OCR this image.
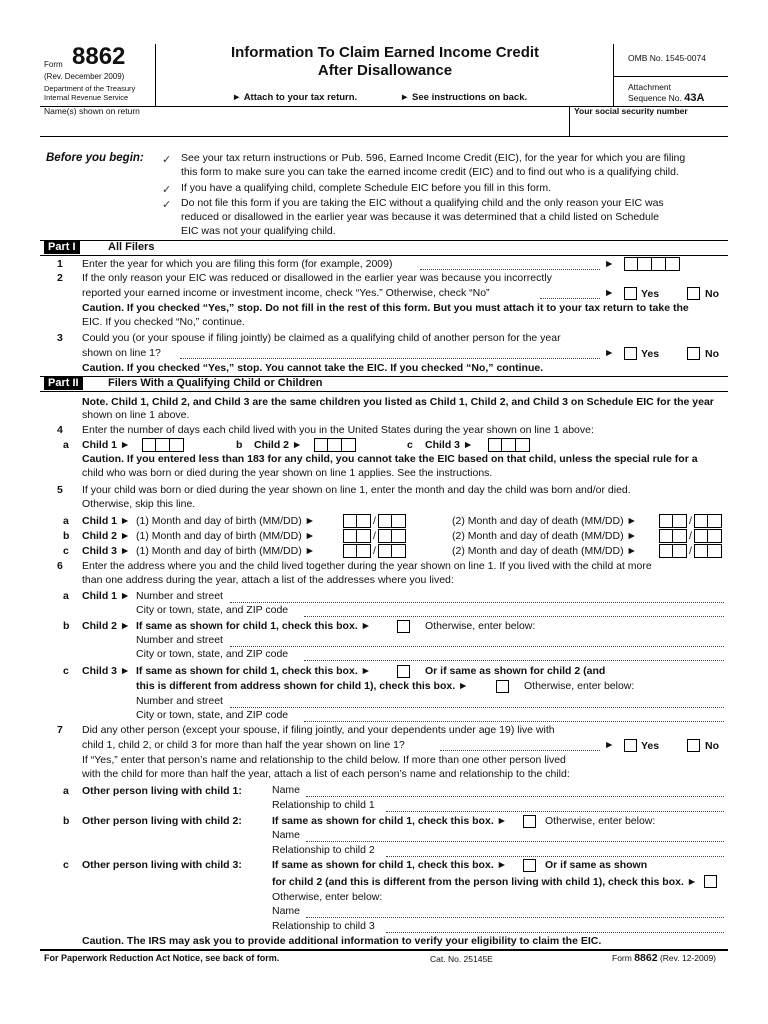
Form 8862
(Rev. December 2009)
Department of the Treasury
Internal Revenue Service
Information To Claim Earned Income Credit
After Disallowance
► Attach to your tax return.	► See instructions on back.
OMB No. 1545-0074
Attachment
Sequence No. 43A
Name(s) shown on return	Your social security number
Before you begin: ✓ See your tax return instructions or Pub. 596, Earned Income Credit (EIC), for the year for which you are filing
this form to make sure you can take the earned income credit (EIC) and to find out who is a qualifying child.
✓ If you have a qualifying child, complete Schedule EIC before you fill in this form.
✓ Do not file this form if you are taking the EIC without a qualifying child and the only reason your EIC was
reduced or disallowed in the earlier year was because it was determined that a child listed on Schedule
EIC was not your qualifying child.
Part I	All Filers
1 Enter the year for which you are filing this form (for example, 2009)	►
2 If the only reason your EIC was reduced or disallowed in the earlier year was because you incorrectly
reported your earned income or investment income, check “Yes.” Otherwise, check “No”	►	Yes	No
Caution. If you checked “Yes,” stop. Do not fill in the rest of this form. But you must attach it to your tax return to take the
EIC. If you checked “No,” continue.
3 Could you (or your spouse if filing jointly) be claimed as a qualifying child of another person for the year
shown on line 1?	►	Yes	No
Caution. If you checked “Yes,” stop. You cannot take the EIC. If you checked “No,” continue.
Part II	Filers With a Qualifying Child or Children
Note. Child 1, Child 2, and Child 3 are the same children you listed as Child 1, Child 2, and Child 3 on Schedule EIC for the year
shown on line 1 above.
4 Enter the number of days each child lived with you in the United States during the year shown on line 1 above:
a Child 1 ►	b Child 2 ►	c Child 3 ►
Caution. If you entered less than 183 for any child, you cannot take the EIC based on that child, unless the special rule for a
child who was born or died during the year shown on line 1 applies. See the instructions.
5 If your child was born or died during the year shown on line 1, enter the month and day the child was born and/or died.
Otherwise, skip this line.
a Child 1 ► (1) Month and day of birth (MM/DD) ►	/	(2) Month and day of death (MM/DD) ►	/
b Child 2 ► (1) Month and day of birth (MM/DD) ►	/	(2) Month and day of death (MM/DD) ►	/
c Child 3 ► (1) Month and day of birth (MM/DD) ►	/	(2) Month and day of death (MM/DD) ►	/
6 Enter the address where you and the child lived together during the year shown on line 1. If you lived with the child at more
than one address during the year, attach a list of the addresses where you lived:
a Child 1 ► Number and street
City or town, state, and ZIP code
b Child 2 ► If same as shown for child 1, check this box. ►	Otherwise, enter below:
Number and street
City or town, state, and ZIP code
c Child 3 ► If same as shown for child 1, check this box. ►	Or if same as shown for child 2 (and
this is different from address shown for child 1), check this box. ►	Otherwise, enter below:
Number and street
City or town, state, and ZIP code
7 Did any other person (except your spouse, if filing jointly, and your dependents under age 19) live with
child 1, child 2, or child 3 for more than half the year shown on line 1?	►	Yes	No
If “Yes,” enter that person’s name and relationship to the child below. If more than one other person lived
with the child for more than half the year, attach a list of each person’s name and relationship to the child:
a Other person living with child 1:	Name
Relationship to child 1
b Other person living with child 2:	If same as shown for child 1, check this box. ►	Otherwise, enter below:
Name
Relationship to child 2
c Other person living with child 3:	If same as shown for child 1, check this box. ►	Or if same as shown
for child 2 (and this is different from the person living with child 1), check this box. ►
Otherwise, enter below:
Name
Relationship to child 3
Caution. The IRS may ask you to provide additional information to verify your eligibility to claim the EIC.
For Paperwork Reduction Act Notice, see back of form.	Cat. No. 25145E	Form 8862 (Rev. 12-2009)
